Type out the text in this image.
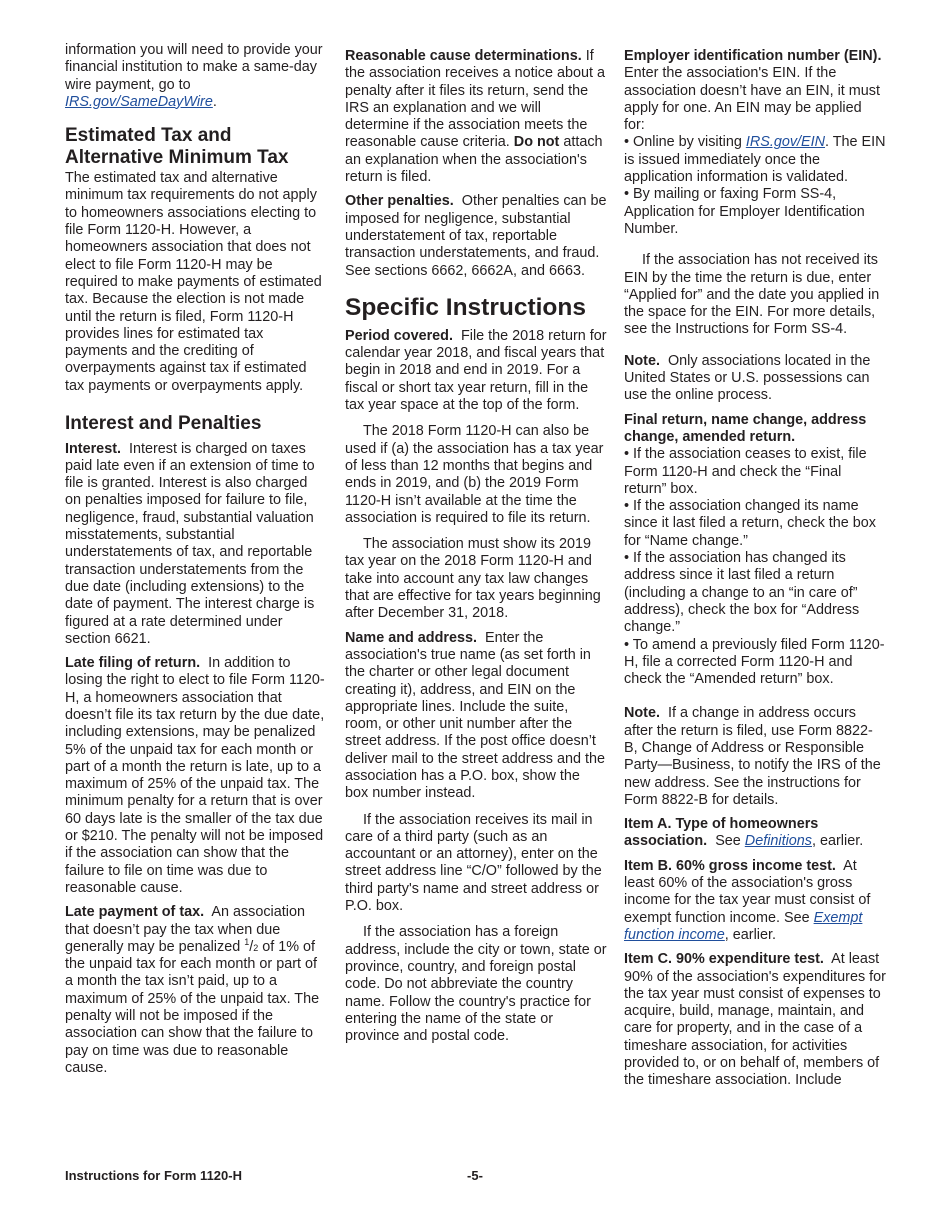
information you will need to provide your financial institution to make a same-day wire payment, go to IRS.gov/SameDayWire.

Estimated Tax and Alternative Minimum Tax

The estimated tax and alternative minimum tax requirements do not apply to homeowners associations electing to file Form 1120-H. However, a homeowners association that does not elect to file Form 1120-H may be required to make payments of estimated tax. Because the election is not made until the return is filed, Form 1120-H provides lines for estimated tax payments and the crediting of overpayments against tax if estimated tax payments or overpayments apply.

Interest and Penalties

Interest. Interest is charged on taxes paid late even if an extension of time to file is granted. Interest is also charged on penalties imposed for failure to file, negligence, fraud, substantial valuation misstatements, substantial understatements of tax, and reportable transaction understatements from the due date (including extensions) to the date of payment. The interest charge is figured at a rate determined under section 6621.

Late filing of return. In addition to losing the right to elect to file Form 1120-H, a homeowners association that doesn’t file its tax return by the due date, including extensions, may be penalized 5% of the unpaid tax for each month or part of a month the return is late, up to a maximum of 25% of the unpaid tax. The minimum penalty for a return that is over 60 days late is the smaller of the tax due or $210. The penalty will not be imposed if the association can show that the failure to file on time was due to reasonable cause.

Late payment of tax. An association that doesn’t pay the tax when due generally may be penalized $^1$/2 of 1% of the unpaid tax for each month or part of a month the tax isn’t paid, up to a maximum of 25% of the unpaid tax. The penalty will not be imposed if the association can show that the failure to pay on time was due to reasonable cause.

Reasonable cause determinations. If the association receives a notice about a penalty after it files its return, send the IRS an explanation and we will determine if the association meets the reasonable cause criteria. Do not attach an explanation when the association's return is filed.

Other penalties. Other penalties can be imposed for negligence, substantial understatement of tax, reportable transaction understatements, and fraud. See sections 6662, 6662A, and 6663.

Specific Instructions

Period covered. File the 2018 return for calendar year 2018, and fiscal years that begin in 2018 and end in 2019. For a fiscal or short tax year return, fill in the tax year space at the top of the form.

The 2018 Form 1120-H can also be used if (a) the association has a tax year of less than 12 months that begins and ends in 2019, and (b) the 2019 Form 1120-H isn’t available at the time the association is required to file its return.

The association must show its 2019 tax year on the 2018 Form 1120-H and take into account any tax law changes that are effective for tax years beginning after December 31, 2018.

Name and address. Enter the association's true name (as set forth in the charter or other legal document creating it), address, and EIN on the appropriate lines. Include the suite, room, or other unit number after the street address. If the post office doesn’t deliver mail to the street address and the association has a P.O. box, show the box number instead.

If the association receives its mail in care of a third party (such as an accountant or an attorney), enter on the street address line “C/O” followed by the third party's name and street address or P.O. box.

If the association has a foreign address, include the city or town, state or province, country, and foreign postal code. Do not abbreviate the country name. Follow the country's practice for entering the name of the state or province and postal code.

Employer identification number (EIN).  Enter the association's EIN. If the association doesn’t have an EIN, it must apply for one. An EIN may be applied for:

• Online by visiting IRS.gov/EIN. The EIN is issued immediately once the application information is validated.

• By mailing or faxing Form SS-4, Application for Employer Identification Number.

If the association has not received its EIN by the time the return is due, enter “Applied for” and the date you applied in the space for the EIN. For more details, see the Instructions for Form SS-4.

Note. Only associations located in the United States or U.S. possessions can use the online process.

Final return, name change, address change, amended return.

• If the association ceases to exist, file Form 1120-H and check the “Final return” box.

• If the association changed its name since it last filed a return, check the box for “Name change.”

• If the association has changed its address since it last filed a return (including a change to an “in care of” address), check the box for “Address change.”

• To amend a previously filed Form 1120-H, file a corrected Form 1120-H and check the “Amended return” box.

Note. If a change in address occurs after the return is filed, use Form 8822-B, Change of Address or Responsible Party—Business, to notify the IRS of the new address. See the instructions for Form 8822-B for details.

Item A. Type of homeowners association. See Definitions, earlier.

Item B. 60% gross income test. At least 60% of the association's gross income for the tax year must consist of exempt function income. See Exempt function income, earlier.

Item C. 90% expenditure test. At least 90% of the association's expenditures for the tax year must consist of expenses to acquire, build, manage, maintain, and care for property, and in the case of a timeshare association, for activities provided to, or on behalf of, members of the timeshare association. Include

Instructions for Form 1120-H	-5-
